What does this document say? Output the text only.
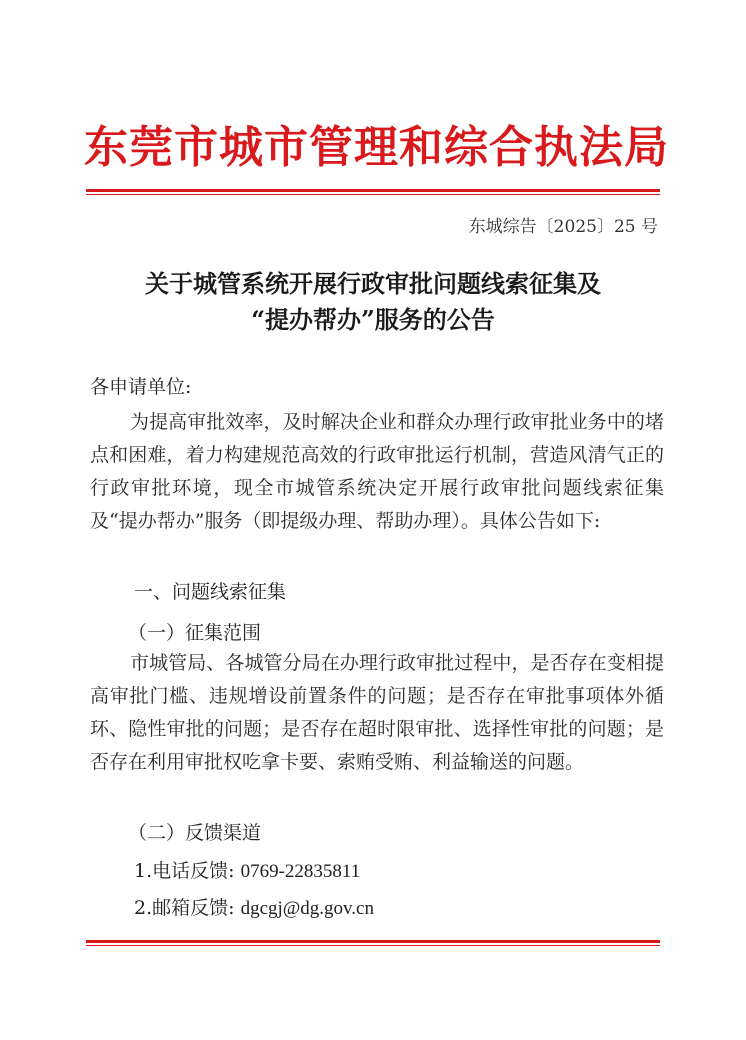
东莞市城市管理和综合执法局
东城综告〔2025〕25 号
关于城管系统开展行政审批问题线索征集及
“提办帮办”服务的公告
各申请单位:
为提高审批效率，及时解决企业和群众办理行政审批业务中的堵点和困难，着力构建规范高效的行政审批运行机制，营造风清气正的行政审批环境，现全市城管系统决定开展行政审批问题线索征集及“提办帮办”服务（即提级办理、帮助办理）。具体公告如下:
一、问题线索征集
（一）征集范围
市城管局、各城管分局在办理行政审批过程中，是否存在变相提高审批门槛、违规增设前置条件的问题；是否存在审批事项体外循环、隐性审批的问题；是否存在超时限审批、选择性审批的问题；是否存在利用审批权吃拿卡要、索贿受贿、利益输送的问题。
（二）反馈渠道
1.电话反馈: 0769-22835811
2.邮箱反馈: dgcgj@dg.gov.cn
